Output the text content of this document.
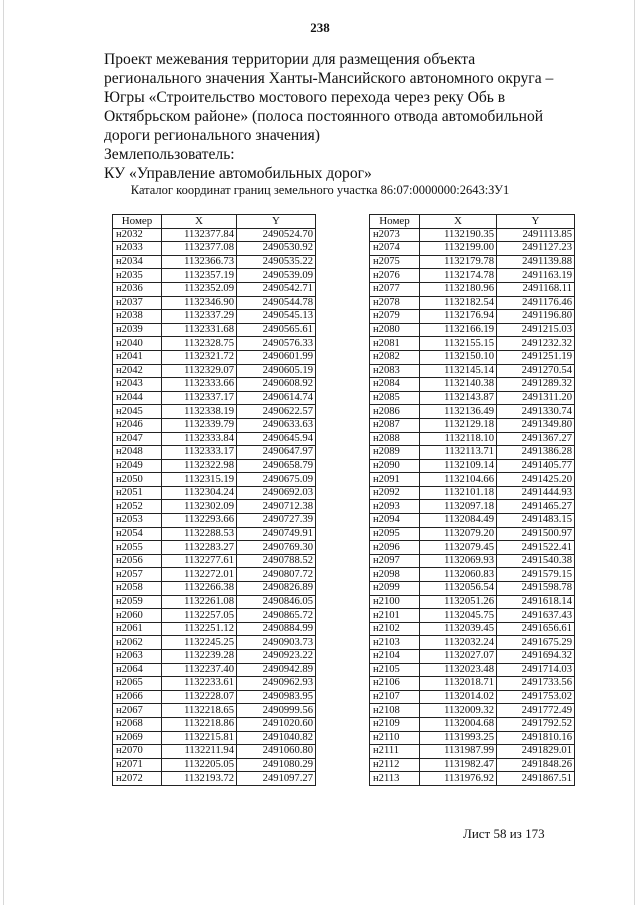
238
Проект межевания территории для размещения объекта
регионального значения Ханты-Мансийского автономного округа –
Югры «Строительство мостового перехода через реку Обь в
Октябрьском районе» (полоса постоянного отвода автомобильной
дороги регионального значения)
Землепользователь:
КУ «Управление автомобильных дорог»
Каталог координат границ земельного участка 86:07:0000000:2643:ЗУ1
Номер	X	Y
н2032	1132377.84	2490524.70
н2033	1132377.08	2490530.92
н2034	1132366.73	2490535.22
н2035	1132357.19	2490539.09
н2036	1132352.09	2490542.71
н2037	1132346.90	2490544.78
н2038	1132337.29	2490545.13
н2039	1132331.68	2490565.61
н2040	1132328.75	2490576.33
н2041	1132321.72	2490601.99
н2042	1132329.07	2490605.19
н2043	1132333.66	2490608.92
н2044	1132337.17	2490614.74
н2045	1132338.19	2490622.57
н2046	1132339.79	2490633.63
н2047	1132333.84	2490645.94
н2048	1132333.17	2490647.97
н2049	1132322.98	2490658.79
н2050	1132315.19	2490675.09
н2051	1132304.24	2490692.03
н2052	1132302.09	2490712.38
н2053	1132293.66	2490727.39
н2054	1132288.53	2490749.91
н2055	1132283.27	2490769.30
н2056	1132277.61	2490788.52
н2057	1132272.01	2490807.72
н2058	1132266.38	2490826.89
н2059	1132261.08	2490846.05
н2060	1132257.05	2490865.72
н2061	1132251.12	2490884.99
н2062	1132245.25	2490903.73
н2063	1132239.28	2490923.22
н2064	1132237.40	2490942.89
н2065	1132233.61	2490962.93
н2066	1132228.07	2490983.95
н2067	1132218.65	2490999.56
н2068	1132218.86	2491020.60
н2069	1132215.81	2491040.82
н2070	1132211.94	2491060.80
н2071	1132205.05	2491080.29
н2072	1132193.72	2491097.27
Номер	X	Y
н2073	1132190.35	2491113.85
н2074	1132199.00	2491127.23
н2075	1132179.78	2491139.88
н2076	1132174.78	2491163.19
н2077	1132180.96	2491168.11
н2078	1132182.54	2491176.46
н2079	1132176.94	2491196.80
н2080	1132166.19	2491215.03
н2081	1132155.15	2491232.32
н2082	1132150.10	2491251.19
н2083	1132145.14	2491270.54
н2084	1132140.38	2491289.32
н2085	1132143.87	2491311.20
н2086	1132136.49	2491330.74
н2087	1132129.18	2491349.80
н2088	1132118.10	2491367.27
н2089	1132113.71	2491386.28
н2090	1132109.14	2491405.77
н2091	1132104.66	2491425.20
н2092	1132101.18	2491444.93
н2093	1132097.18	2491465.27
н2094	1132084.49	2491483.15
н2095	1132079.20	2491500.97
н2096	1132079.45	2491522.41
н2097	1132069.93	2491540.38
н2098	1132060.83	2491579.15
н2099	1132056.54	2491598.78
н2100	1132051.26	2491618.14
н2101	1132045.75	2491637.43
н2102	1132039.45	2491656.61
н2103	1132032.24	2491675.29
н2104	1132027.07	2491694.32
н2105	1132023.48	2491714.03
н2106	1132018.71	2491733.56
н2107	1132014.02	2491753.02
н2108	1132009.32	2491772.49
н2109	1132004.68	2491792.52
н2110	1131993.25	2491810.16
н2111	1131987.99	2491829.01
н2112	1131982.47	2491848.26
н2113	1131976.92	2491867.51
Лист 58 из 173
